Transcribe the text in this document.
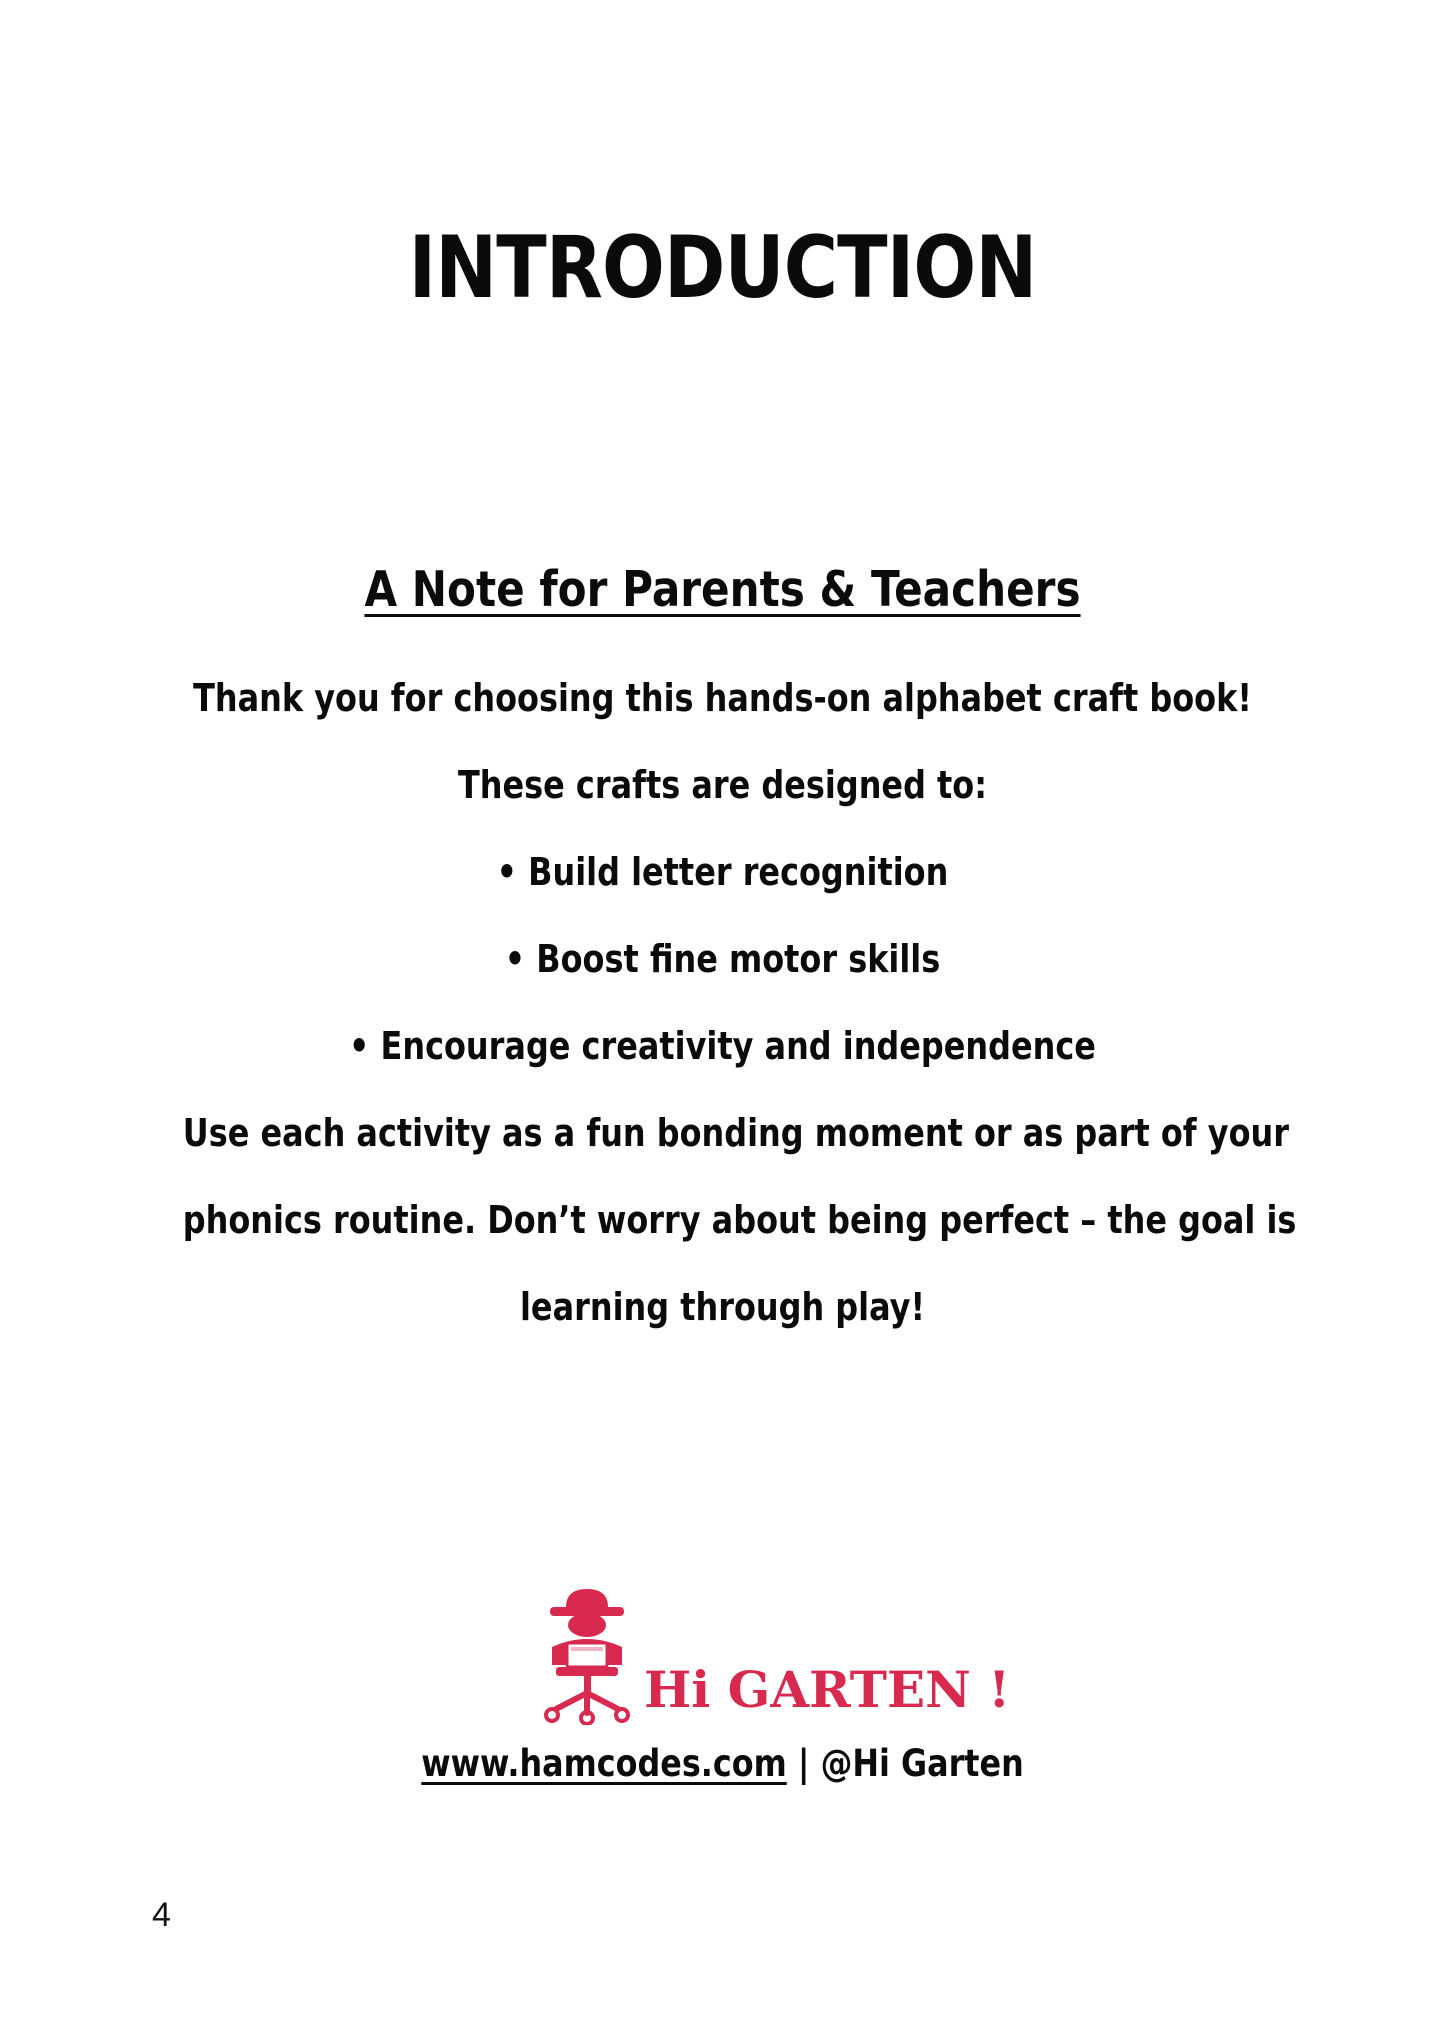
INTRODUCTION
A Note for Parents & Teachers
Thank you for choosing this hands-on alphabet craft book!
These crafts are designed to:
• Build letter recognition
• Boost fine motor skills
• Encourage creativity and independence
Use each activity as a fun bonding moment or as part of your
phonics routine. Don’t worry about being perfect – the goal is
learning through play!
Hi GARTEN !
www.hamcodes.com | @Hi Garten
4
